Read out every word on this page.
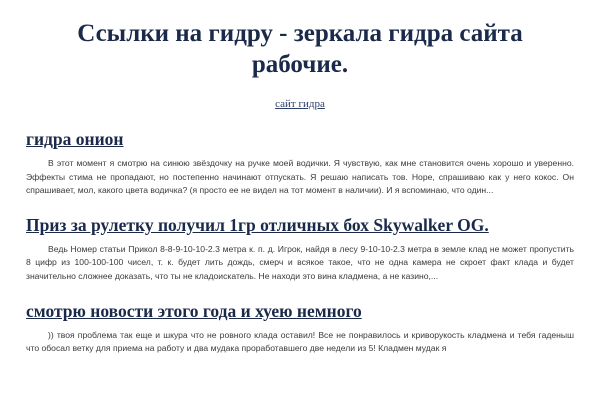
Ссылки на гидру - зеркала гидра сайта рабочие.
сайт гидра
гидра онион

В этот момент я смотрю на синюю звёздочку на ручке моей водички. Я чувствую, как мне становится очень хорошо и уверенно. Эффекты стима не пропадают, но постепенно начинают отпускать. Я решаю написать тов. Норе, спрашиваю как у него кокос. Он спрашивает, мол, какого цвета водичка? (я просто ее не видел на тот момент в наличии). И я вспоминаю, что один...

Приз за рулетку получил 1гр отличных бох Skywalker OG.

Ведь Номер статьи Прикол 8-8-9-10-10-2.3 метра к. п. д. Игрок, найдя в лесу 9-10-10-2.3 метра в земле клад не может пропустить 8 цифр из 100-100-100 чисел, т. к. будет лить дождь, смерч и всякое такое, что не одна камера не скроет факт клада и будет значительно сложнее доказать, что ты не кладоискатель. Не находи это вина кладмена, а не казино,...

смотрю новости этого года и хуею немного

)) твоя проблема так еще и шкура что не ровного клада оставил! Все не понравилось и криворукость кладмена и тебя гаденыш что обосал ветку для приема на работу и два мудака проработавшего две недели из 5! Кладмен мудак я
